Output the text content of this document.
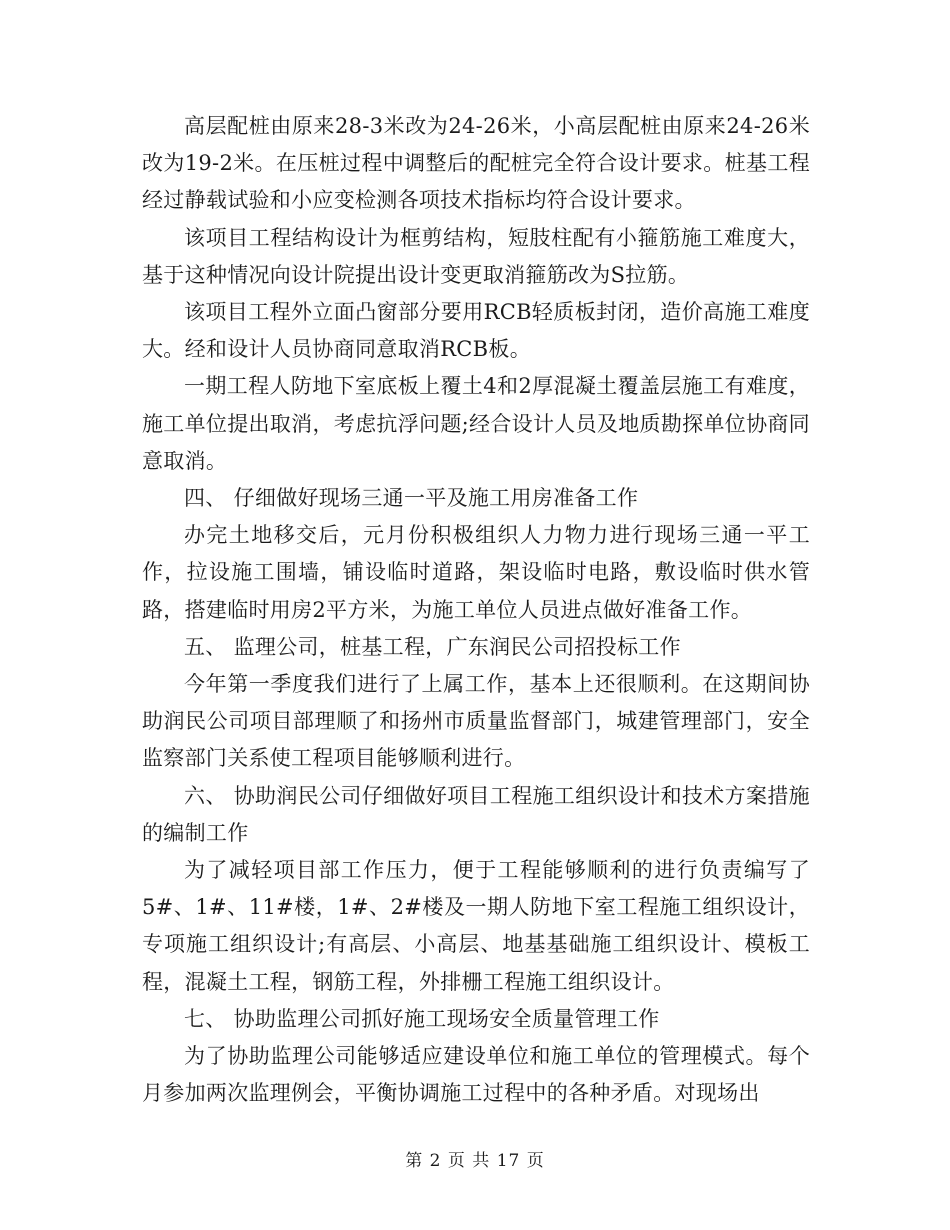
高层配桩由原来28-3米改为24-26米，小高层配桩由原来24-26米改为19-2米。在压桩过程中调整后的配桩完全符合设计要求。桩基工程经过静载试验和小应变检测各项技术指标均符合设计要求。

该项目工程结构设计为框剪结构，短肢柱配有小箍筋施工难度大，基于这种情况向设计院提出设计变更取消箍筋改为S拉筋。

该项目工程外立面凸窗部分要用RCB轻质板封闭，造价高施工难度大。经和设计人员协商同意取消RCB板。

一期工程人防地下室底板上覆土4和2厚混凝土覆盖层施工有难度，施工单位提出取消，考虑抗浮问题;经合设计人员及地质勘探单位协商同意取消。

四、 仔细做好现场三通一平及施工用房准备工作

办完土地移交后，元月份积极组织人力物力进行现场三通一平工作，拉设施工围墙，铺设临时道路，架设临时电路，敷设临时供水管路，搭建临时用房2平方米，为施工单位人员进点做好准备工作。

五、 监理公司，桩基工程，广东润民公司招投标工作

今年第一季度我们进行了上属工作，基本上还很顺利。在这期间协助润民公司项目部理顺了和扬州市质量监督部门，城建管理部门，安全监察部门关系使工程项目能够顺利进行。

六、 协助润民公司仔细做好项目工程施工组织设计和技术方案措施的编制工作

为了减轻项目部工作压力，便于工程能够顺利的进行负责编写了5#、1#、11#楼，1#、2#楼及一期人防地下室工程施工组织设计，专项施工组织设计;有高层、小高层、地基基础施工组织设计、模板工程，混凝土工程，钢筋工程，外排栅工程施工组织设计。

七、 协助监理公司抓好施工现场安全质量管理工作

为了协助监理公司能够适应建设单位和施工单位的管理模式。每个月参加两次监理例会，平衡协调施工过程中的各种矛盾。对现场出

第 2 页 共 17 页
